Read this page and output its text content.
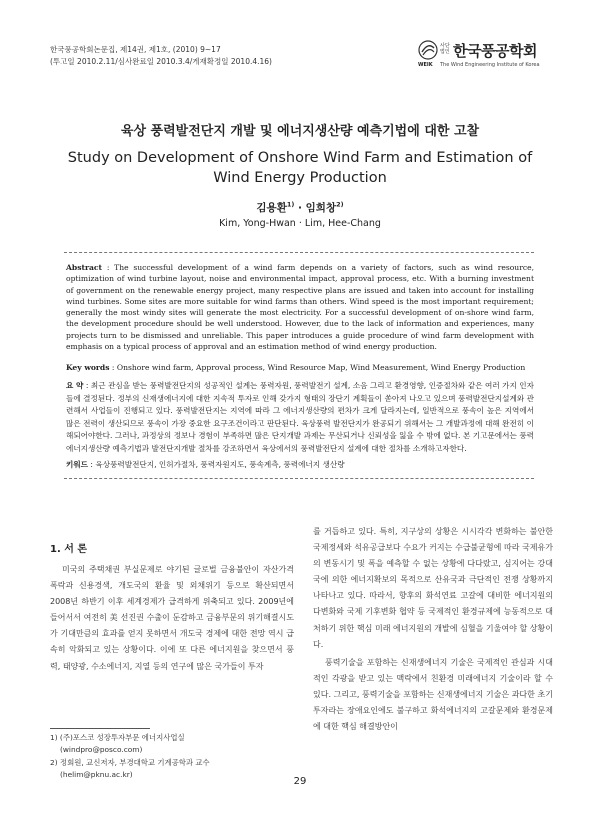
한국풍공학회논문집, 제14권, 제1호, (2010) 9~17
(투고일 2010.2.11/심사완료일 2010.3.4/게재확정일 2010.4.16)
사단법인 한국풍공학회
WEIK The Wind Engineering Institute of Korea
육상 풍력발전단지 개발 및 에너지생산량 예측기법에 대한 고찰
Study on Development of Onshore Wind Farm and Estimation of Wind Energy Production
김용환$^{1)}$ · 임희창$^{2)}$
Kim, Yong-Hwan · Lim, Hee-Chang
Abstract : The successful development of a wind farm depends on a variety of factors, such as wind resource, optimization of wind turbine layout, noise and environmental impact, approval process, etc. With a burning investment of government on the renewable energy project, many respective plans are issued and taken into account for installing wind turbines. Some sites are more suitable for wind farms than others. Wind speed is the most important requirement; generally the most windy sites will generate the most electricity. For a successful development of on-shore wind farm, the development procedure should be well understood. However, due to the lack of information and experiences, many projects turn to be dismissed and unreliable. This paper introduces a guide procedure of wind farm development with emphasis on a typical process of approval and an estimation method of wind energy production.
Key words : Onshore wind farm, Approval process, Wind Resource Map, Wind Measurement, Wind Energy Production
요 약 : 최근 관심을 받는 풍력발전단지의 성공적인 설계는 풍력자원, 풍력발전기 설계, 소음 그리고 환경영향, 인증절차와 같은 여러 가지 인자들에 결정된다. 정부의 신재생에너지에 대한 지속적 투자로 인해 갖가지 형태의 장단기 계획들이 쏟아져 나오고 있으며 풍력발전단지설계와 관련해서 사업들이 진행되고 있다. 풍력발전단지는 지역에 따라 그 에너지생산량의 편차가 크게 달라지는데, 일반적으로 풍속이 높은 지역에서 많은 전력이 생산되므로 풍속이 가장 중요한 요구조건이라고 판단된다. 육상풍력 발전단지가 완공되기 위해서는 그 개발과정에 대해 완전히 이해되어야한다. 그러나, 과정상의 정보나 경험이 부족하면 많은 단지개발 과제는 무산되거나 신뢰성을 잃을 수 밖에 없다. 본 기고문에서는 풍력에너지생산량 예측기법과 발전단지개발 절차를 강조하면서 육상에서의 풍력발전단지 설계에 대한 절차를 소개하고자한다.
키워드 : 육상풍력발전단지, 인허가절차, 풍력자원지도, 풍속계측, 풍력에너지 생산량
1. 서 론

미국의 주택채권 부실문제로 야기된 글로벌 금융불안이 자산가격 폭락과 신용경색, 개도국의 환율 및 외채위기 등으로 확산되면서 2008년 하반기 이후 세계경제가 급격하게 위축되고 있다. 2009년에 들어서서 여전히 美 선진권 수출이 둔감하고 금융부문의 위기해결시도가 기대만큼의 효과를 얻지 못하면서 개도국 경제에 대한 전망 역시 급속히 악화되고 있는 상황이다. 이에 또 다른 에너지원을 찾으면서 풍력, 태양광, 수소에너지, 지열 등의 연구에 많은 국가들이 투자

를 거듭하고 있다. 특히, 지구상의 상황은 시시각각 변화하는 불안한 국제정세와 석유공급보다 수요가 커지는 수급불균형에 따라 국제유가의 변동시기 및 폭을 예측할 수 없는 상황에 다다랐고, 심지어는 강대국에 의한 에너지확보의 목적으로 산유국과 극단적인 전쟁 상황까지 나타나고 있다. 따라서, 향후의 화석연료 고갈에 대비한 에너지원의 다변화와 국제 기후변화 협약 등 국제적인 환경규제에 능동적으로 대처하기 위한 핵심 미래 에너지원의 개발에 심혈을 기울여야 할 상황이다.

풍력기술을 포함하는 신재생에너지 기술은 국제적인 관심과 시대적인 각광을 받고 있는 맥락에서 친환경 미래에너지 기술이라 할 수 있다. 그리고, 풍력기술을 포함하는 신재생에너지 기술은 과다한 초기투자라는 장애요인에도 불구하고 화석에너지의 고갈문제와 환경문제에 대한 핵심 해결방안이

1) (주)포스코 성장투자부문 에너지사업실
(windpro@posco.com)
2) 정회원, 교신저자, 부경대학교 기계공학과 교수
(helim@pknu.ac.kr)
29
